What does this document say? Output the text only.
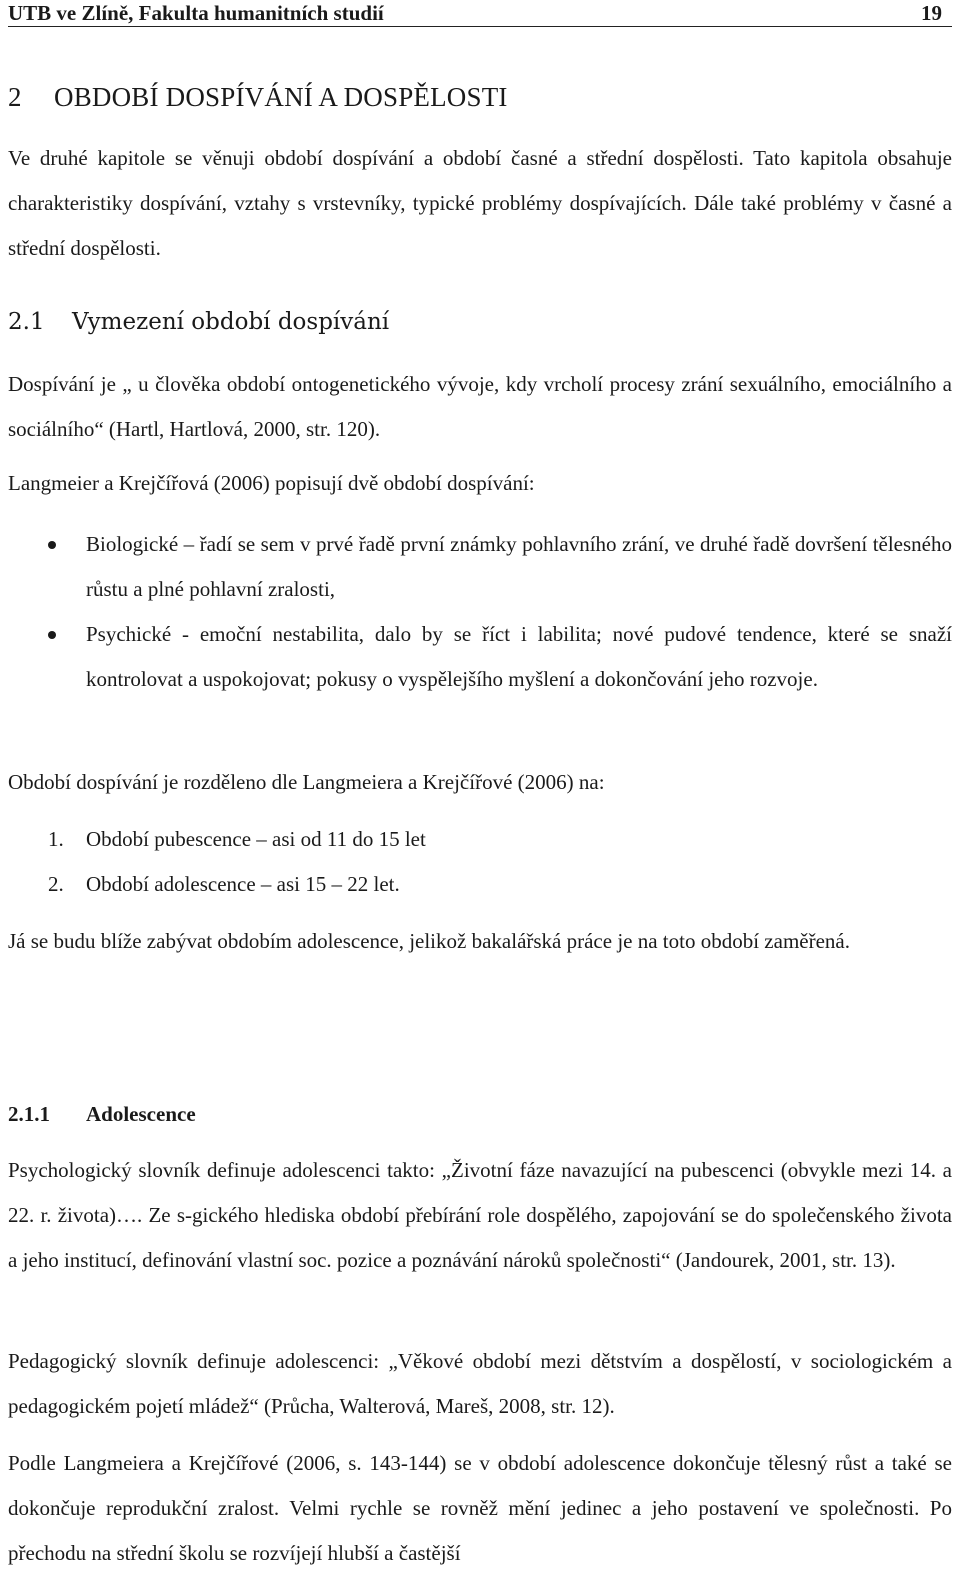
UTB ve Zlíně, Fakulta humanitních studií	19
2 OBDOBÍ DOSPÍVÁNÍ A DOSPĚLOSTI

Ve druhé kapitole se věnuji období dospívání a období časné a střední dospělosti. Tato kapitola obsahuje charakteristiky dospívání, vztahy s vrstevníky, typické problémy dospívajících. Dále také problémy v časné a střední dospělosti.

2.1 Vymezení období dospívání

Dospívání je „ u člověka období ontogenetického vývoje, kdy vrcholí procesy zrání sexuálního, emociálního a sociálního“ (Hartl, Hartlová, 2000, str. 120).

Langmeier a Krejčířová (2006) popisují dvě období dospívání:

Biologické – řadí se sem v prvé řadě první známky pohlavního zrání, ve druhé řadě dovršení tělesného růstu a plné pohlavní zralosti,
Psychické - emoční nestabilita, dalo by se říct i labilita; nové pudové tendence, které se snaží kontrolovat a uspokojovat; pokusy o vyspělejšího myšlení a dokončování jeho rozvoje.

Období dospívání je rozděleno dle Langmeiera a Krejčířové (2006) na:

1. Období pubescence – asi od 11 do 15 let
2. Období adolescence – asi 15 – 22 let.

Já se budu blíže zabývat obdobím adolescence, jelikož bakalářská práce je na toto období zaměřená.

2.1.1 Adolescence

Psychologický slovník definuje adolescenci takto: „Životní fáze navazující na pubescenci (obvykle mezi 14. a 22. r. života)…. Ze s-gického hlediska období přebírání role dospělého, zapojování se do společenského života a jeho institucí, definování vlastní soc. pozice a poznávání nároků společnosti“ (Jandourek, 2001, str. 13).

Pedagogický slovník definuje adolescenci: „Věkové období mezi dětstvím a dospělostí, v sociologickém a pedagogickém pojetí mládež“ (Průcha, Walterová, Mareš, 2008, str. 12).

Podle Langmeiera a Krejčířové (2006, s. 143-144) se v období adolescence dokončuje tělesný růst a také se dokončuje reprodukční zralost. Velmi rychle se rovněž mění jedinec a jeho postavení ve společnosti. Po přechodu na střední školu se rozvíjejí hlubší a častější
